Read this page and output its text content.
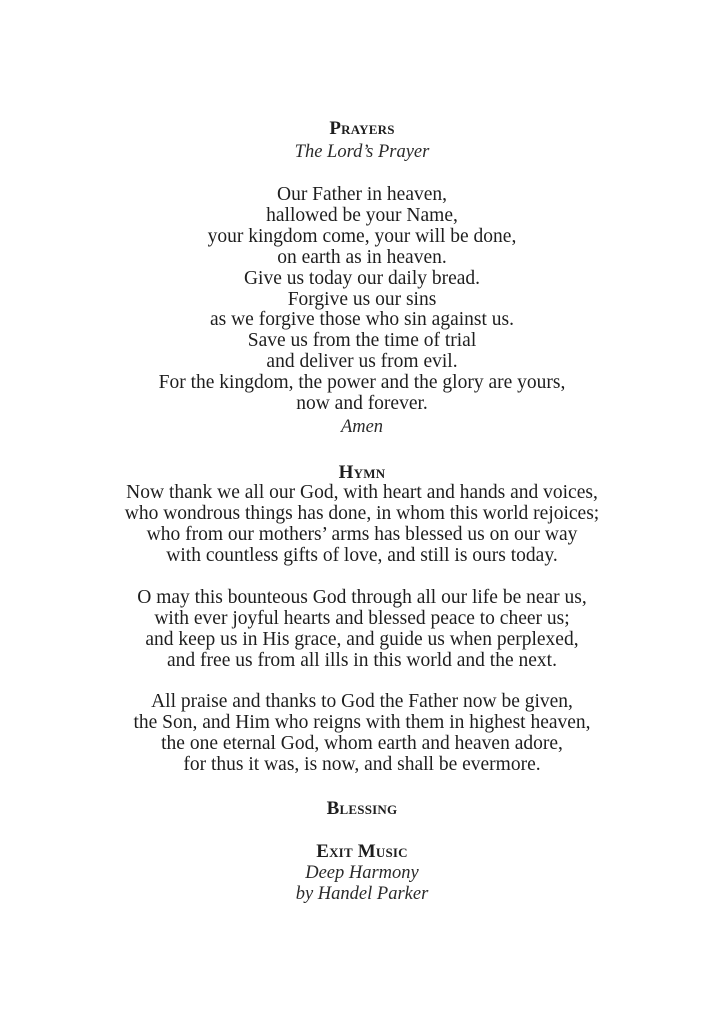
Prayers
The Lord’s Prayer
Our Father in heaven,
hallowed be your Name,
your kingdom come, your will be done,
on earth as in heaven.
Give us today our daily bread.
Forgive us our sins
as we forgive those who sin against us.
Save us from the time of trial
and deliver us from evil.
For the kingdom, the power and the glory are yours,
now and forever.
Amen
Hymn
Now thank we all our God, with heart and hands and voices,
who wondrous things has done, in whom this world rejoices;
who from our mothers’ arms has blessed us on our way
with countless gifts of love, and still is ours today.
O may this bounteous God through all our life be near us,
with ever joyful hearts and blessed peace to cheer us;
and keep us in His grace, and guide us when perplexed,
and free us from all ills in this world and the next.
All praise and thanks to God the Father now be given,
the Son, and Him who reigns with them in highest heaven,
the one eternal God, whom earth and heaven adore,
for thus it was, is now, and shall be evermore.
Blessing
Exit Music
Deep Harmony
by Handel Parker
